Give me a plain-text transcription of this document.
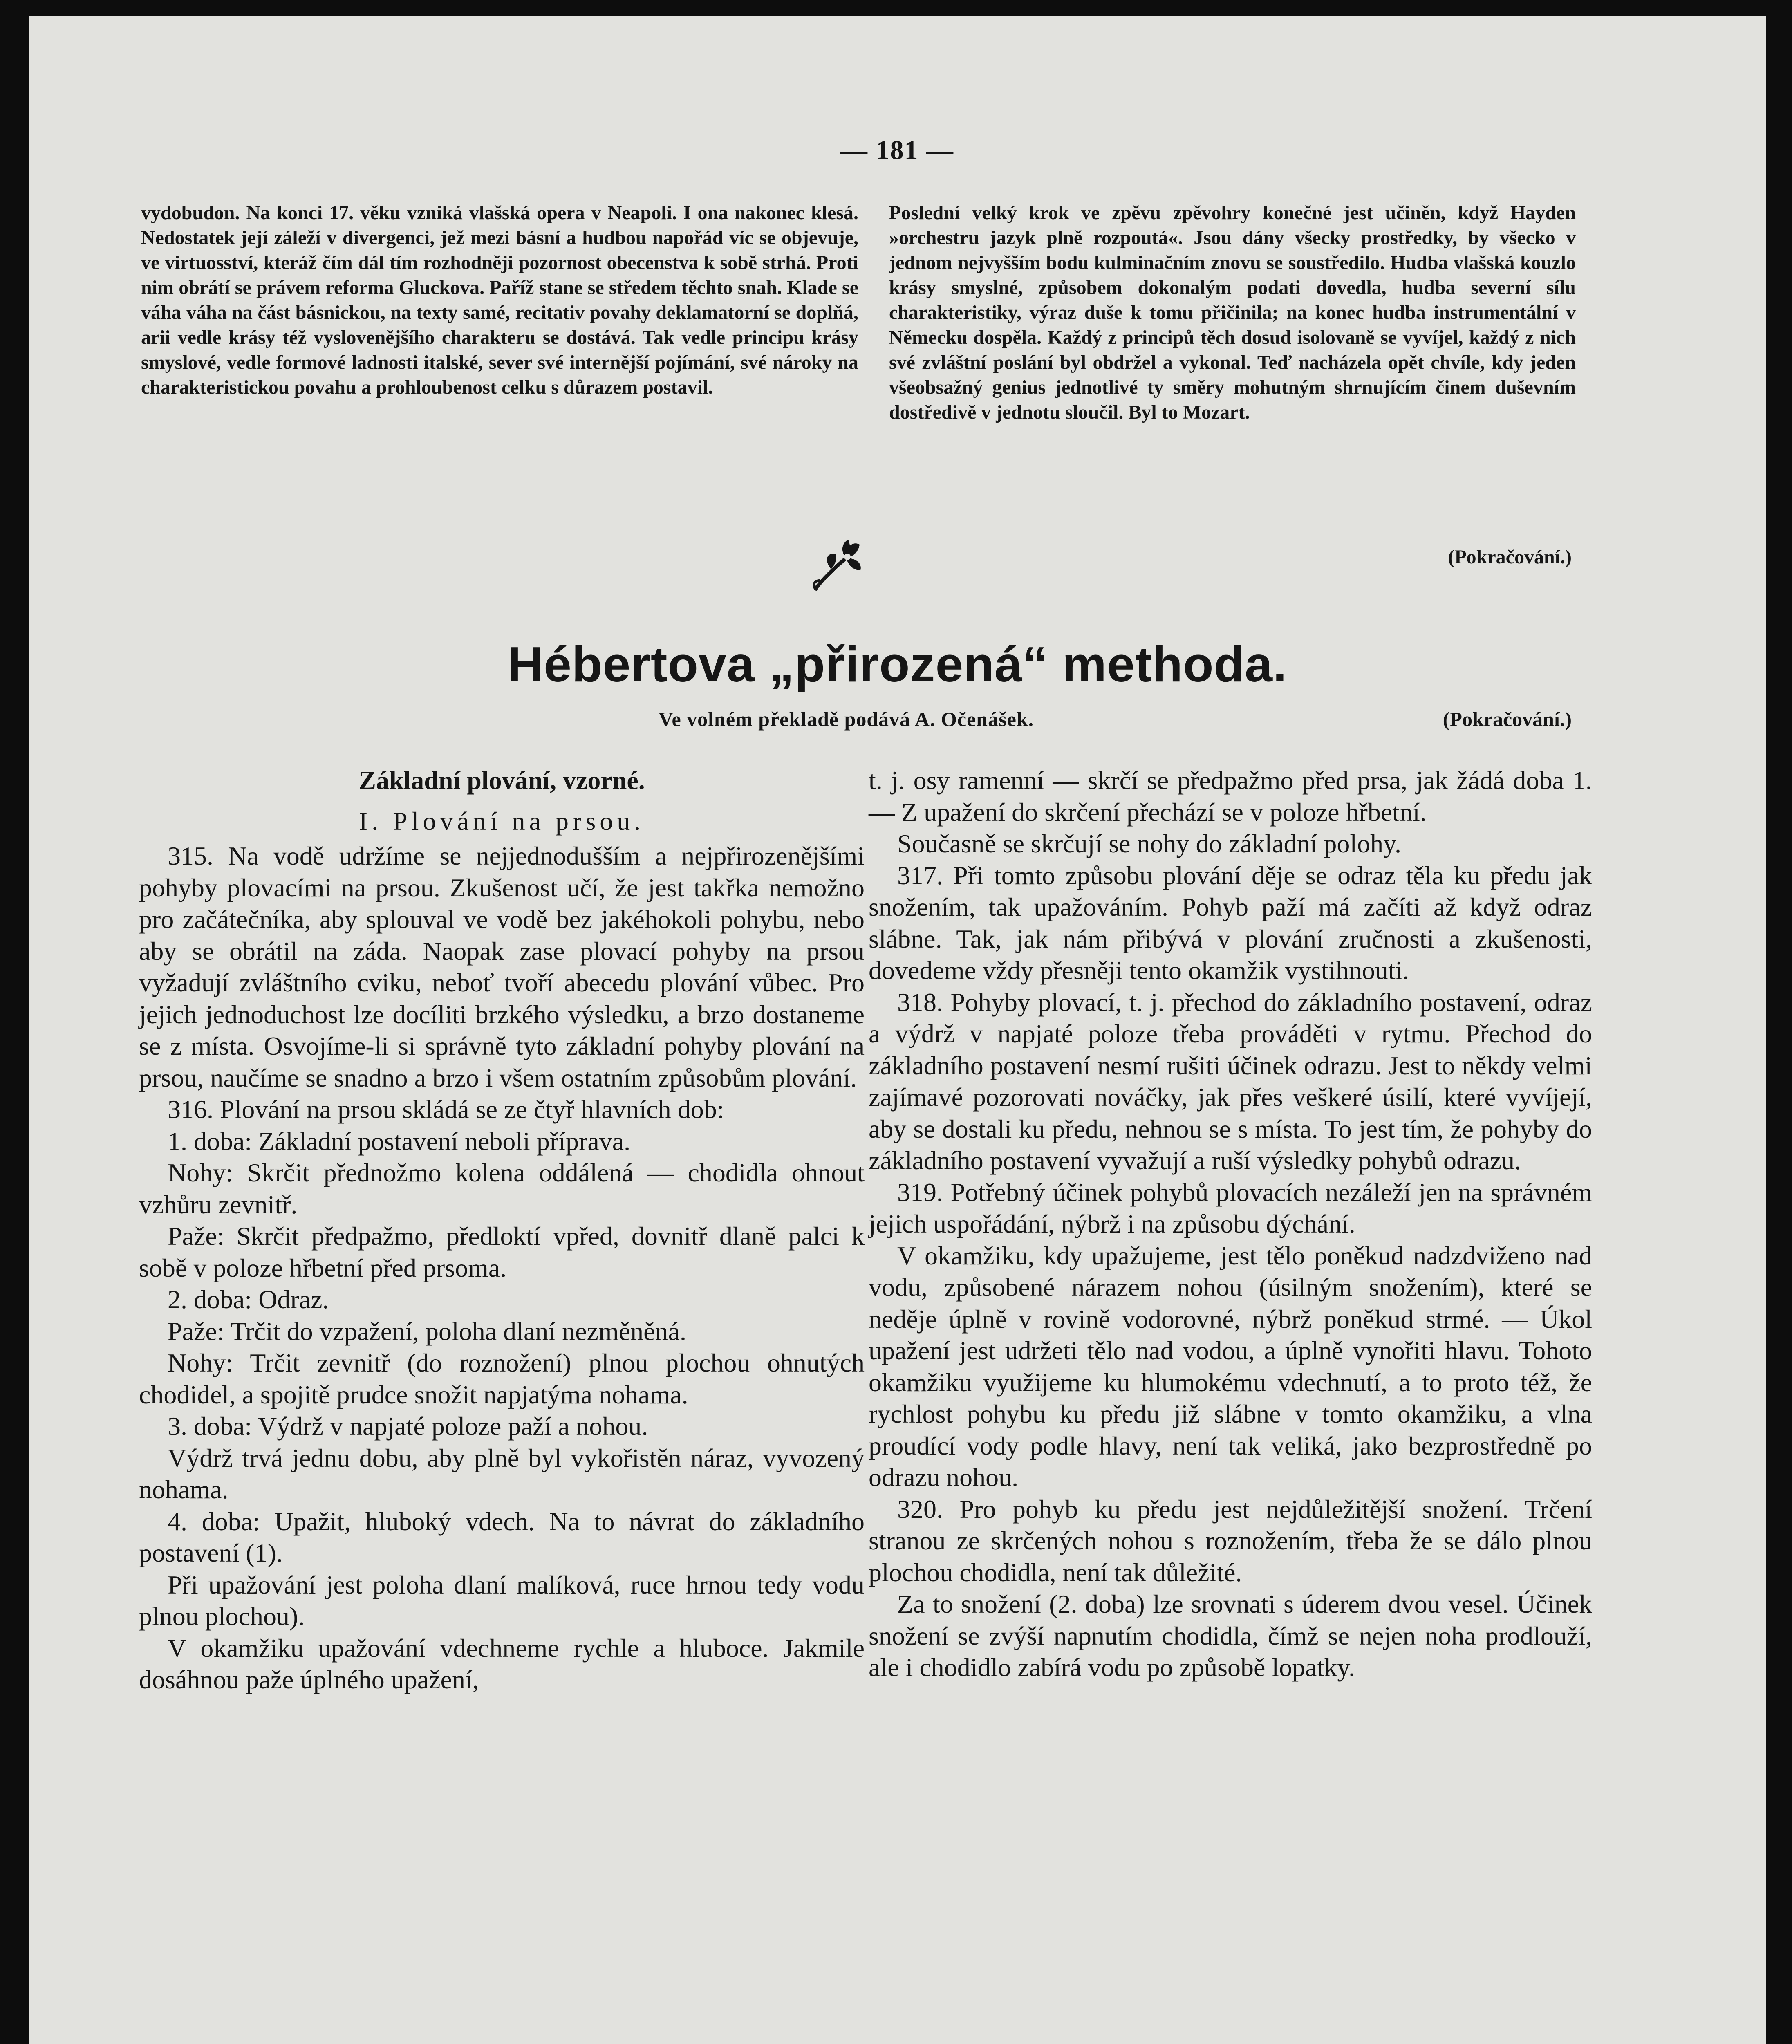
— 181 —

vydobudon. Na konci 17. věku vzniká vlašská opera v Neapoli. I ona nakonec klesá. Nedostatek její záleží v divergenci, jež mezi básní a hudbou napořád víc se objevuje, ve virtuosství, kteráž čím dál tím rozhodněji pozornost obecenstva k sobě strhá. Proti nim obrátí se právem reforma Gluckova. Paříž stane se středem těchto snah. Klade se váha váha na část básnickou, na texty samé, recitativ povahy deklamatorní se doplňá, arii vedle krásy též vyslovenějšího charakteru se dostává. Tak vedle principu krásy smyslové, vedle formové ladnosti italské, sever své internější pojímání, své nároky na charakteristickou povahu a prohloubenost celku s důrazem postavil.

Poslední velký krok ve zpěvu zpěvohry konečné jest učiněn, když Hayden »orchestru jazyk plně rozpoutá«. Jsou dány všecky prostředky, by všecko v jednom nejvyšším bodu kulminačním znovu se soustředilo. Hudba vlašská kouzlo krásy smyslné, způsobem dokonalým podati dovedla, hudba severní sílu charakteristiky, výraz duše k tomu přičinila; na konec hudba instrumentální v Německu dospěla. Každý z principů těch dosud isolovaně se vyvíjel, každý z nich své zvláštní poslání byl obdržel a vykonal. Teď nacházela opět chvíle, kdy jeden všeobsažný genius jednotlivé ty směry mohutným shrnujícím činem duševním dostředivě v jednotu sloučil. Byl to Mozart.

(Pokračování.)
Hébertova „přirozená“ methoda.
Ve volném překladě podává A. Očenášek.	(Pokračování.)
Základní plování, vzorné.
I. Plování na prsou.

315. Na vodě udržíme se nejjednodušším a nejpřirozenějšími pohyby plovacími na prsou. Zkušenost učí, že jest takřka nemožno pro začátečníka, aby splouval ve vodě bez jakéhokoli pohybu, nebo aby se obrátil na záda. Naopak zase plovací pohyby na prsou vyžadují zvláštního cviku, neboť tvoří abecedu plování vůbec. Pro jejich jednoduchost lze docíliti brzkého výsledku, a brzo dostaneme se z místa. Osvojíme-li si správně tyto základní pohyby plování na prsou, naučíme se snadno a brzo i všem ostatním způsobům plování.

316. Plování na prsou skládá se ze čtyř hlavních dob:

1. doba: Základní postavení neboli příprava.

Nohy: Skrčit přednožmo kolena oddálená — chodidla ohnout vzhůru zevnitř.

Paže: Skrčit předpažmo, předloktí vpřed, dovnitř dlaně palci k sobě v poloze hřbetní před prsoma.

2. doba: Odraz.

Paže: Trčit do vzpažení, poloha dlaní nezměněná.

Nohy: Trčit zevnitř (do roznožení) plnou plochou ohnutých chodidel, a spojitě prudce snožit napjatýma nohama.

3. doba: Výdrž v napjaté poloze paží a nohou.

Výdrž trvá jednu dobu, aby plně byl vykořistěn náraz, vyvozený nohama.

4. doba: Upažit, hluboký vdech. Na to návrat do základního postavení (1).

Při upažování jest poloha dlaní malíková, ruce hrnou tedy vodu plnou plochou).

V okamžiku upažování vdechneme rychle a hluboce. Jakmile dosáhnou paže úplného upažení,

t. j. osy ramenní — skrčí se předpažmo před prsa, jak žádá doba 1. — Z upažení do skrčení přechází se v poloze hřbetní.

Současně se skrčují se nohy do základní polohy.

317. Při tomto způsobu plování děje se odraz těla ku předu jak snožením, tak upažováním. Pohyb paží má začíti až když odraz slábne. Tak, jak nám přibývá v plování zručnosti a zkušenosti, dovedeme vždy přesněji tento okamžik vystihnouti.

318. Pohyby plovací, t. j. přechod do základního postavení, odraz a výdrž v napjaté poloze třeba prováděti v rytmu. Přechod do základního postavení nesmí rušiti účinek odrazu. Jest to někdy velmi zajímavé pozorovati nováčky, jak přes veškeré úsilí, které vyvíjejí, aby se dostali ku předu, nehnou se s místa. To jest tím, že pohyby do základního postavení vyvažují a ruší výsledky pohybů odrazu.

319. Potřebný účinek pohybů plovacích nezáleží jen na správném jejich uspořádání, nýbrž i na způsobu dýchání.

V okamžiku, kdy upažujeme, jest tělo poněkud nadzdviženo nad vodu, způsobené nárazem nohou (úsilným snožením), které se neděje úplně v rovině vodorovné, nýbrž poněkud strmé. — Úkol upažení jest udržeti tělo nad vodou, a úplně vynořiti hlavu. Tohoto okamžiku využijeme ku hlumokému vdechnutí, a to proto též, že rychlost pohybu ku předu již slábne v tomto okamžiku, a vlna proudící vody podle hlavy, není tak veliká, jako bezprostředně po odrazu nohou.

320. Pro pohyb ku předu jest nejdůležitější snožení. Trčení stranou ze skrčených nohou s roznožením, třeba že se dálo plnou plochou chodidla, není tak důležité.

Za to snožení (2. doba) lze srovnati s úderem dvou vesel. Účinek snožení se zvýší napnutím chodidla, čímž se nejen noha prodlouží, ale i chodidlo zabírá vodu po způsobě lopatky.
